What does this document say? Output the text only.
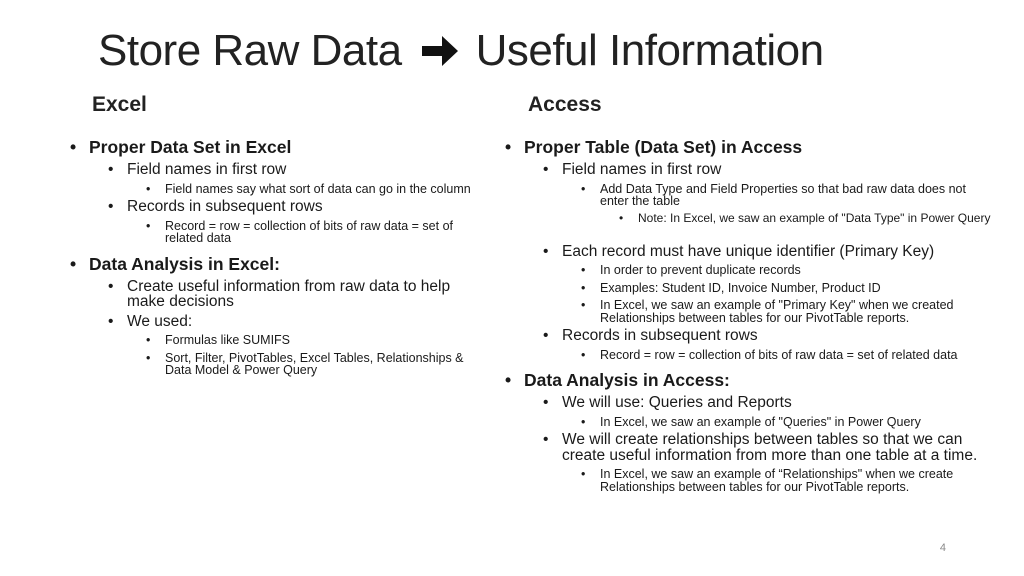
Store Raw Data Useful Information
Excel	Access
• Proper Data Set in Excel
• Field names in first row
• Field names say what sort of data can go in the column
• Records in subsequent rows
• Record = row = collection of bits of raw data = set of related data
• Data Analysis in Excel:
• Create useful information from raw data to help make decisions
• We used:
• Formulas like SUMIFS
• Sort, Filter, PivotTables, Excel Tables, Relationships & Data Model & Power Query
• Proper Table (Data Set) in Access
• Field names in first row
• Add Data Type and Field Properties so that bad raw data does not enter the table
• Note: In Excel, we saw an example of "Data Type" in Power Query
• Each record must have unique identifier (Primary Key)
• In order to prevent duplicate records
• Examples: Student ID, Invoice Number, Product ID
• In Excel, we saw an example of "Primary Key" when we created Relationships between tables for our PivotTable reports.
• Records in subsequent rows
• Record = row = collection of bits of raw data = set of related data
• Data Analysis in Access:
• We will use: Queries and Reports
• In Excel, we saw an example of "Queries" in Power Query
• We will create relationships between tables so that we can create useful information from more than one table at a time.
• In Excel, we saw an example of “Relationships" when we create Relationships between tables for our PivotTable reports.
4
